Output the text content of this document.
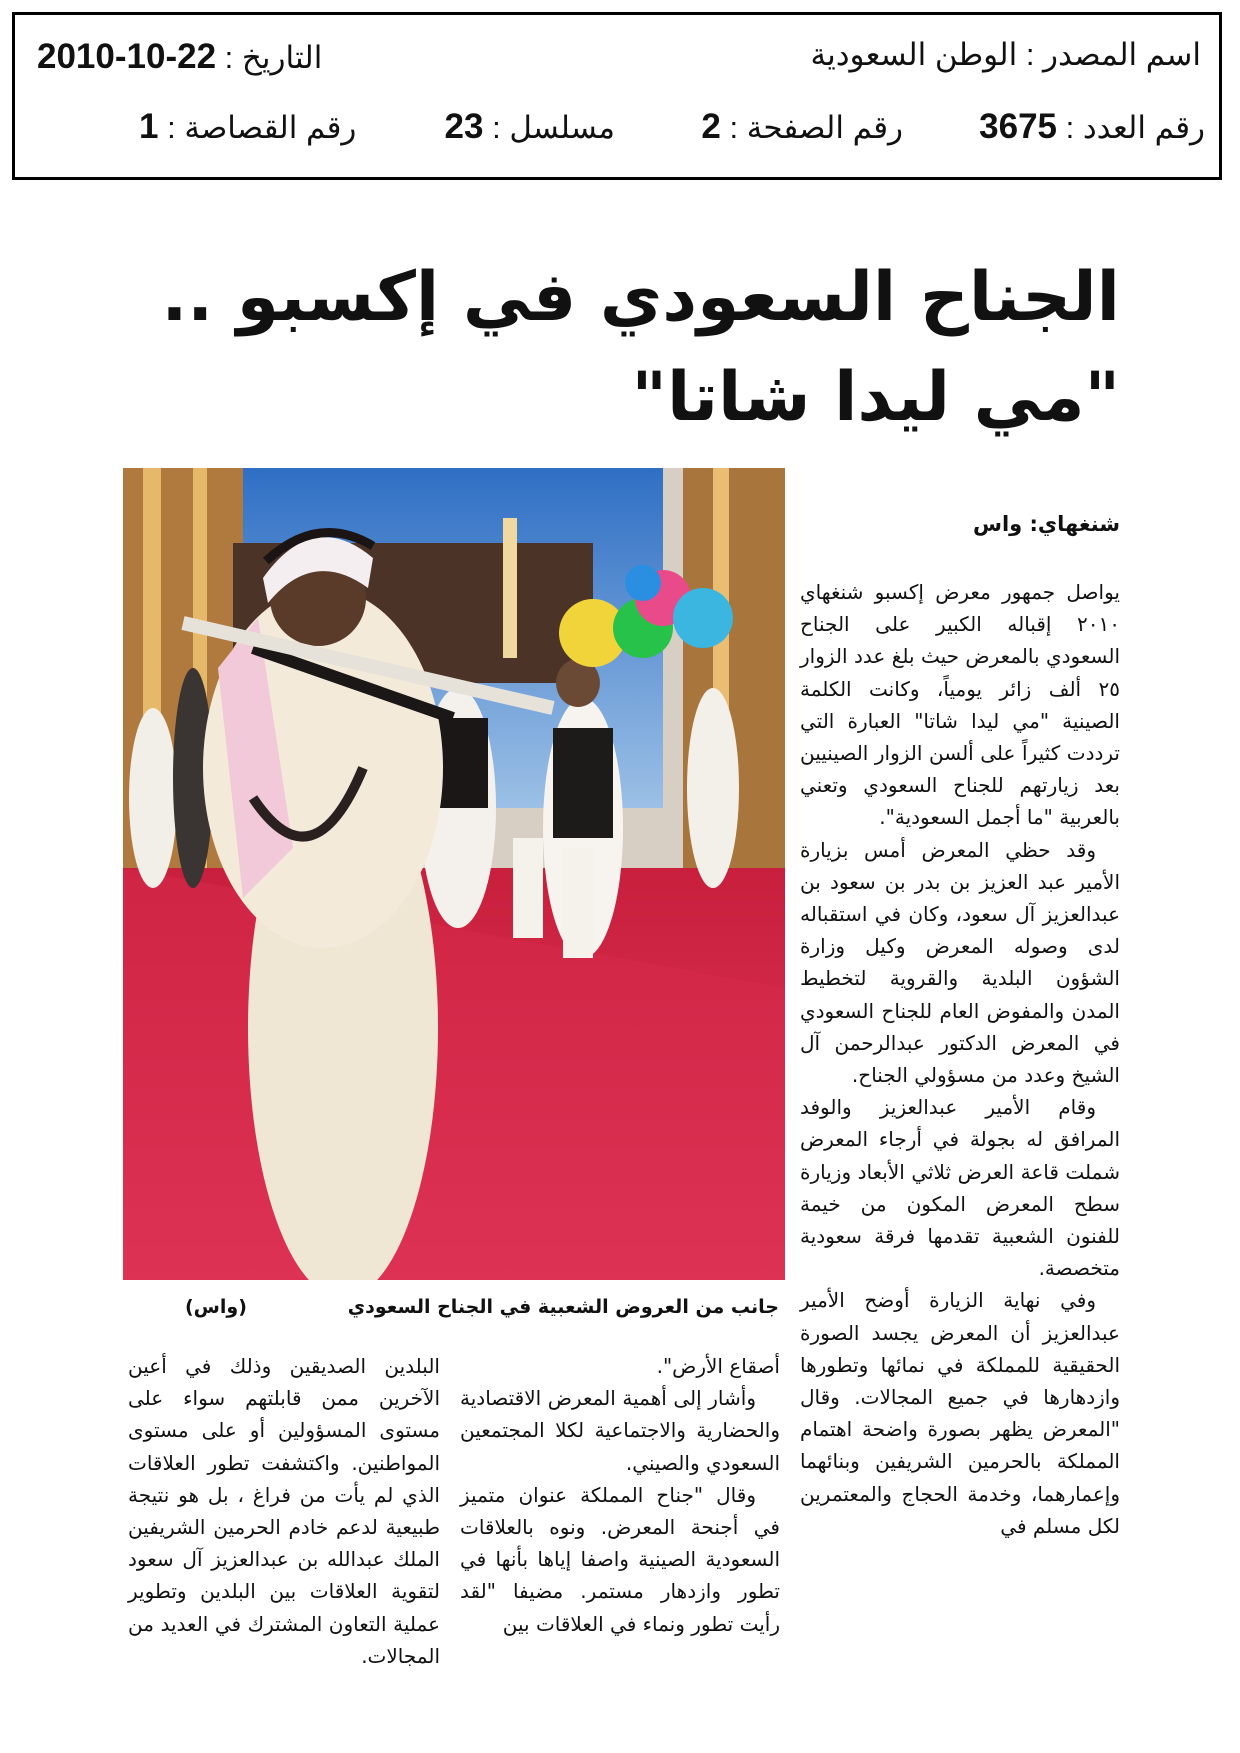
اسم المصدر : الوطن السعودية
التاريخ : 2010-10-22
رقم العدد : 3675
رقم الصفحة : 2
مسلسل : 23
رقم القصاصة : 1
الجناح السعودي في إكسبو ..
"مي ليدا شاتا"
جانب من العروض الشعبية في الجناح السعودي
(واس)
شنغهاي: واس

يواصل جمهور معرض إكسبو شنغهاي ٢٠١٠ إقباله الكبير على الجناح السعودي بالمعرض حيث بلغ عدد الزوار ٢٥ ألف زائر يومياً، وكانت الكلمة الصينية "مي ليدا شاتا" العبارة التي ترددت كثيراً على ألسن الزوار الصينيين بعد زيارتهم للجناح السعودي وتعني بالعربية "ما أجمل السعودية".

وقد حظي المعرض أمس بزيارة الأمير عبد العزيز بن بدر بن سعود بن عبدالعزيز آل سعود، وكان في استقباله لدى وصوله المعرض وكيل وزارة الشؤون البلدية والقروية لتخطيط المدن والمفوض العام للجناح السعودي في المعرض الدكتور عبدالرحمن آل الشيخ وعدد من مسؤولي الجناح.

وقام الأمير عبدالعزيز والوفد المرافق له بجولة في أرجاء المعرض شملت قاعة العرض ثلاثي الأبعاد وزيارة سطح المعرض المكون من خيمة للفنون الشعبية تقدمها فرقة سعودية متخصصة.

وفي نهاية الزيارة أوضح الأمير عبدالعزيز أن المعرض يجسد الصورة الحقيقية للمملكة في نمائها وتطورها وازدهارها في جميع المجالات. وقال "المعرض يظهر بصورة واضحة اهتمام المملكة بالحرمين الشريفين وبنائهما وإعمارهما، وخدمة الحجاج والمعتمرين لكل مسلم في

أصقاع الأرض".

وأشار إلى أهمية المعرض الاقتصادية والحضارية والاجتماعية لكلا المجتمعين السعودي والصيني.

وقال "جناح المملكة عنوان متميز في أجنحة المعرض. ونوه بالعلاقات السعودية الصينية واصفا إياها بأنها في تطور وازدهار مستمر. مضيفا "لقد رأيت تطور ونماء في العلاقات بين

البلدين الصديقين وذلك في أعين الآخرين ممن قابلتهم سواء على مستوى المسؤولين أو على مستوى المواطنين. واكتشفت تطور العلاقات الذي لم يأت من فراغ ، بل هو نتيجة طبيعية لدعم خادم الحرمين الشريفين الملك عبدالله بن عبدالعزيز آل سعود لتقوية العلاقات بين البلدين وتطوير عملية التعاون المشترك في العديد من المجالات.
